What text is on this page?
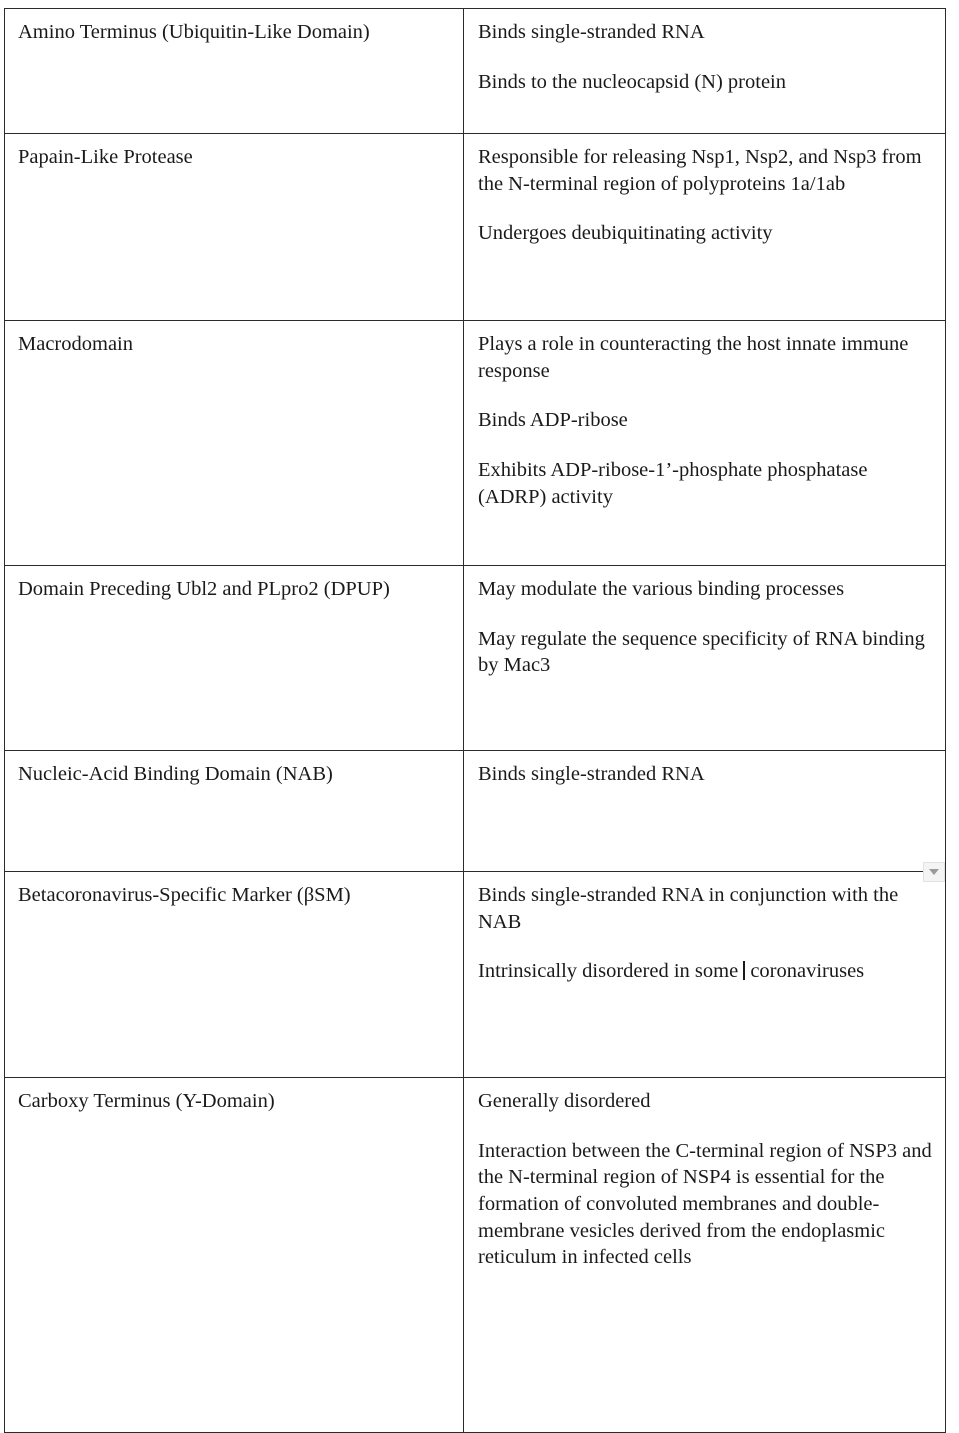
Amino Terminus (Ubiquitin-Like Domain)	Binds single-stranded RNA

Binds to the nucleocapsid (N) protein

Papain-Like Protease	Responsible for releasing Nsp1, Nsp2, and Nsp3 from the N-terminal region of polyproteins 1a/1ab

Undergoes deubiquitinating activity

Macrodomain	Plays a role in counteracting the host innate immune response

Binds ADP-ribose

Exhibits ADP-ribose-1’-phosphate phosphatase (ADRP) activity

Domain Preceding Ubl2 and PLpro2 (DPUP)	May modulate the various binding processes

May regulate the sequence specificity of RNA binding by Mac3

Nucleic-Acid Binding Domain (NAB)	Binds single-stranded RNA

Betacoronavirus-Specific Marker (βSM)	Binds single-stranded RNA in conjunction with the NAB

Intrinsically disordered in some coronaviruses

Carboxy Terminus (Y-Domain)	Generally disordered

Interaction between the C-terminal region of NSP3 and the N-terminal region of NSP4 is essential for the formation of convoluted membranes and double-membrane vesicles derived from the endoplasmic reticulum in infected cells
